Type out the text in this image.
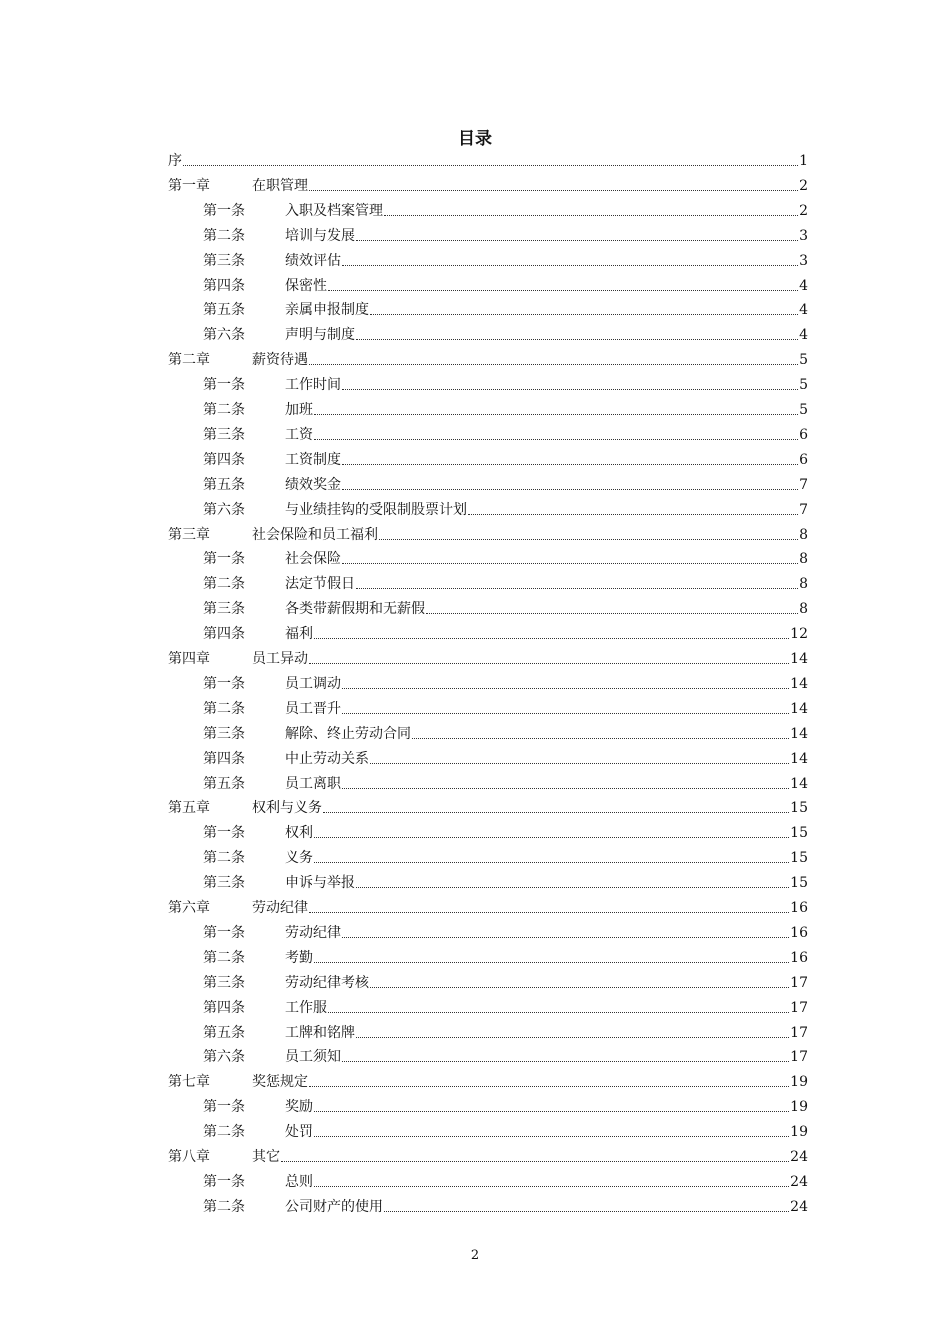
目录
序	1
第一章	在职管理	2
第一条	入职及档案管理	2
第二条	培训与发展	3
第三条	绩效评估	3
第四条	保密性	4
第五条	亲属申报制度	4
第六条	声明与制度	4
第二章	薪资待遇	5
第一条	工作时间	5
第二条	加班	5
第三条	工资	6
第四条	工资制度	6
第五条	绩效奖金	7
第六条	与业绩挂钩的受限制股票计划	7
第三章	社会保险和员工福利	8
第一条	社会保险	8
第二条	法定节假日	8
第三条	各类带薪假期和无薪假	8
第四条	福利	12
第四章	员工异动	14
第一条	员工调动	14
第二条	员工晋升	14
第三条	解除、终止劳动合同	14
第四条	中止劳动关系	14
第五条	员工离职	14
第五章	权利与义务	15
第一条	权利	15
第二条	义务	15
第三条	申诉与举报	15
第六章	劳动纪律	16
第一条	劳动纪律	16
第二条	考勤	16
第三条	劳动纪律考核	17
第四条	工作服	17
第五条	工牌和铭牌	17
第六条	员工须知	17
第七章	奖惩规定	19
第一条	奖励	19
第二条	处罚	19
第八章	其它	24
第一条	总则	24
第二条	公司财产的使用	24
2
